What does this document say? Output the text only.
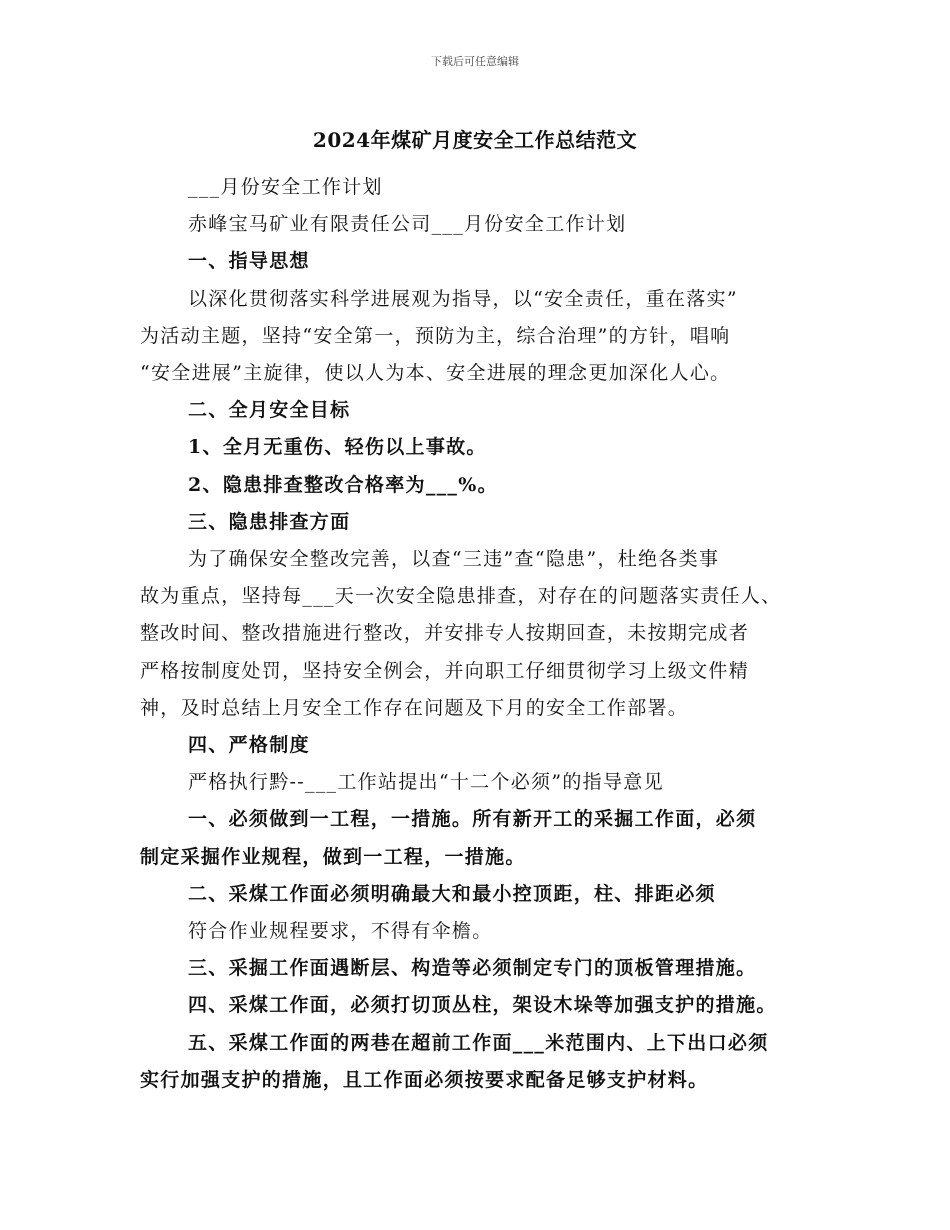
下载后可任意编辑
2024年煤矿月度安全工作总结范文
___月份安全工作计划
赤峰宝马矿业有限责任公司___月份安全工作计划
一、指导思想
以深化贯彻落实科学进展观为指导，以“安全责任，重在落实”
为活动主题，坚持“安全第一，预防为主，综合治理”的方针，唱响
“安全进展”主旋律，使以人为本、安全进展的理念更加深化人心。
二、全月安全目标
1、全月无重伤、轻伤以上事故。
2、隐患排查整改合格率为___%。
三、隐患排查方面
为了确保安全整改完善，以查“三违”查“隐患”，杜绝各类事
故为重点，坚持每___天一次安全隐患排查，对存在的问题落实责任人、
整改时间、整改措施进行整改，并安排专人按期回查，未按期完成者
严格按制度处罚，坚持安全例会，并向职工仔细贯彻学习上级文件精
神，及时总结上月安全工作存在问题及下月的安全工作部署。
四、严格制度
严格执行黔--___工作站提出“十二个必须”的指导意见
一、必须做到一工程，一措施。所有新开工的采掘工作面，必须
制定采掘作业规程，做到一工程，一措施。
二、采煤工作面必须明确最大和最小控顶距，柱、排距必须
符合作业规程要求，不得有伞檐。
三、采掘工作面遇断层、构造等必须制定专门的顶板管理措施。
四、采煤工作面，必须打切顶丛柱，架设木垛等加强支护的措施。
五、采煤工作面的两巷在超前工作面___米范围内、上下出口必须
实行加强支护的措施，且工作面必须按要求配备足够支护材料。
